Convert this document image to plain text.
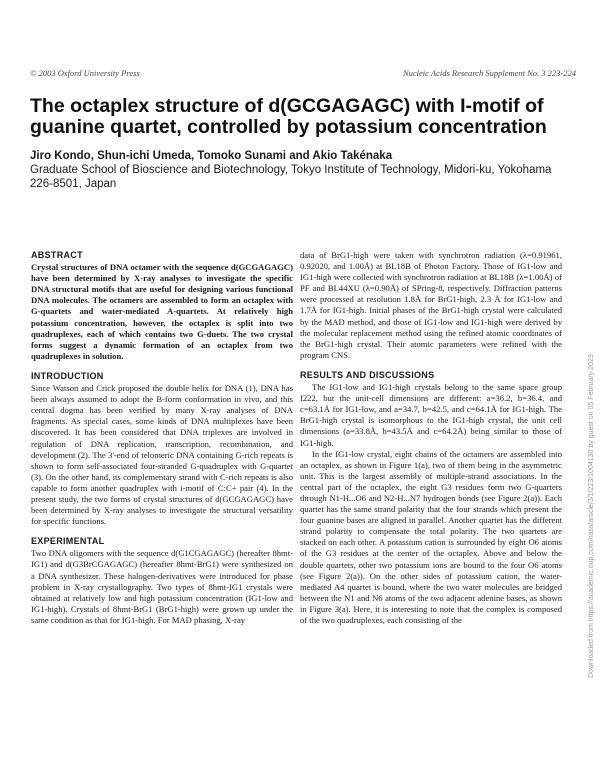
© 2003 Oxford University Press	Nucleic Acids Research Supplement No. 3 223-224
The octaplex structure of d(GCGAGAGC) with I-motif of guanine quartet, controlled by potassium concentration
Jiro Kondo, Shun-ichi Umeda, Tomoko Sunami and Akio Takénaka
Graduate School of Bioscience and Biotechnology, Tokyo Institute of Technology, Midori-ku, Yokohama 226-8501, Japan
ABSTRACT

Crystal structures of DNA octamer with the sequence d(GCGAGAGC) have been determined by X-ray analyses to investigate the specific DNA structural motifs that are useful for designing various functional DNA molecules. The octamers are assembled to form an octaplex with G-quartets and water-mediated A-quartets. At relatively high potassium concentration, however, the octaplex is split into two quadruplexes, each of which contains two G-duets. The two crystal forms suggest a dynamic formation of an octaplex from two quadruplexes in solution.

INTRODUCTION

Since Watson and Crick proposed the double helix for DNA (1), DNA has been always assumed to adopt the B-form conformation in vivo, and this central dogma has been verified by many X-ray analyses of DNA fragments. As special cases, some kinds of DNA multiplexes have been discovered. It has been considered that DNA triplexes are involved in regulation of DNA replication, transcription, recombination, and development (2). The 3'-end of telomeric DNA containing G-rich repeats is shown to form self-associated four-stranded G-quadruplex with G-quartet (3). On the other hand, its complementary strand with C-rich repeats is also capable to form another quadruplex with i-motif of C:C+ pair (4). In the present study, the two forms of crystal structures of d(GCGAGAGC) have been determined by X-ray analyses to investigate the structural versatility for specific functions.

EXPERIMENTAL

Two DNA oligomers with the sequence d(G1CGAGAGC) (hereafter 8hmt-IG1) and d(G3BrCGAGAGC) (hereafter 8hmt-BrG1) were synthesized on a DNA synthesizer. These halogen-derivatives were introduced for phase problem in X-ray crystallography. Two types of 8hmt-IG1 crystals were obtained at relatively low and high potassium concentration (IG1-low and IG1-high). Crystals of 8hmt-BrG1 (BrG1-high) were grown up under the same condition as that for IG1-high. For MAD phasing, X-ray

data of BrG1-high were taken with synchrotron radiation (λ=0.91961, 0.92020, and 1.00Å) at BL18B of Photon Factory. Those of IG1-low and IG1-high were collected with synchrotron radiation at BL18B (λ=1.00Å) of PF and BL44XU (λ=0.90Å) of SPring-8, respectively. Diffraction patterns were processed at resolution 1.8Å for BrG1-high, 2.3 Å for IG1-low and 1.7Å for IG1-high. Initial phases of the BrG1-high crystal were calculated by the MAD method, and those of IG1-low and IG1-high were derived by the molecular replacement method using the refined atomic coordinates of the BrG1-high crystal. Their atomic parameters were refined with the program CNS.

RESULTS AND DISCUSSIONS

The IG1-low and IG1-high crystals belong to the same space group I222, but the unit-cell dimensions are different: a=36.2, b=36.4, and c=63.1Å for IG1-low, and a=34.7, b=42.5, and c=64.1Å for IG1-high. The BrG1-high crystal is isomorphous to the IG1-high crystal, the unit cell dimensions (a=33.8Å, b=43.5Å and c=64.2Å) being similar to those of IG1-high.

In the IG1-low crystal, eight chains of the octamers are assembled into an octaplex, as shown in Figure 1(a), two of them being in the asymmetric unit. This is the largest assembly of multiple-strand associations. In the central part of the octaplex, the eight G3 residues form two G-quarters through N1-H...O6 and N2-H...N7 hydrogen bonds (see Figure 2(a)). Each quartet has the same strand polarity that the four strands which present the four guanine bases are aligned in parallel. Another quartet has the different strand polarity to compensate the total polarity. The two quartets are stacked on each other. A potassium cation is surrounded by eight O6 atoms of the G3 residues at the center of the octaplex. Above and below the double quartets, other two potassium ions are bound to the four O6 atoms (see Figure 2(a)). On the other sides of potassium cation, the water-mediated A4 quartet is bound, where the two water molecules are bridged between the N1 and N6 atoms of the two adjacent adenine bases, as shown in Figure 3(a). Here, it is interesting to note that the complex is composed of the two quadruplexes, each consisting of the	Downloaded from https://academic.oup.com/nass/article/3/1/223/1004130 by guest on 05 February 2023
